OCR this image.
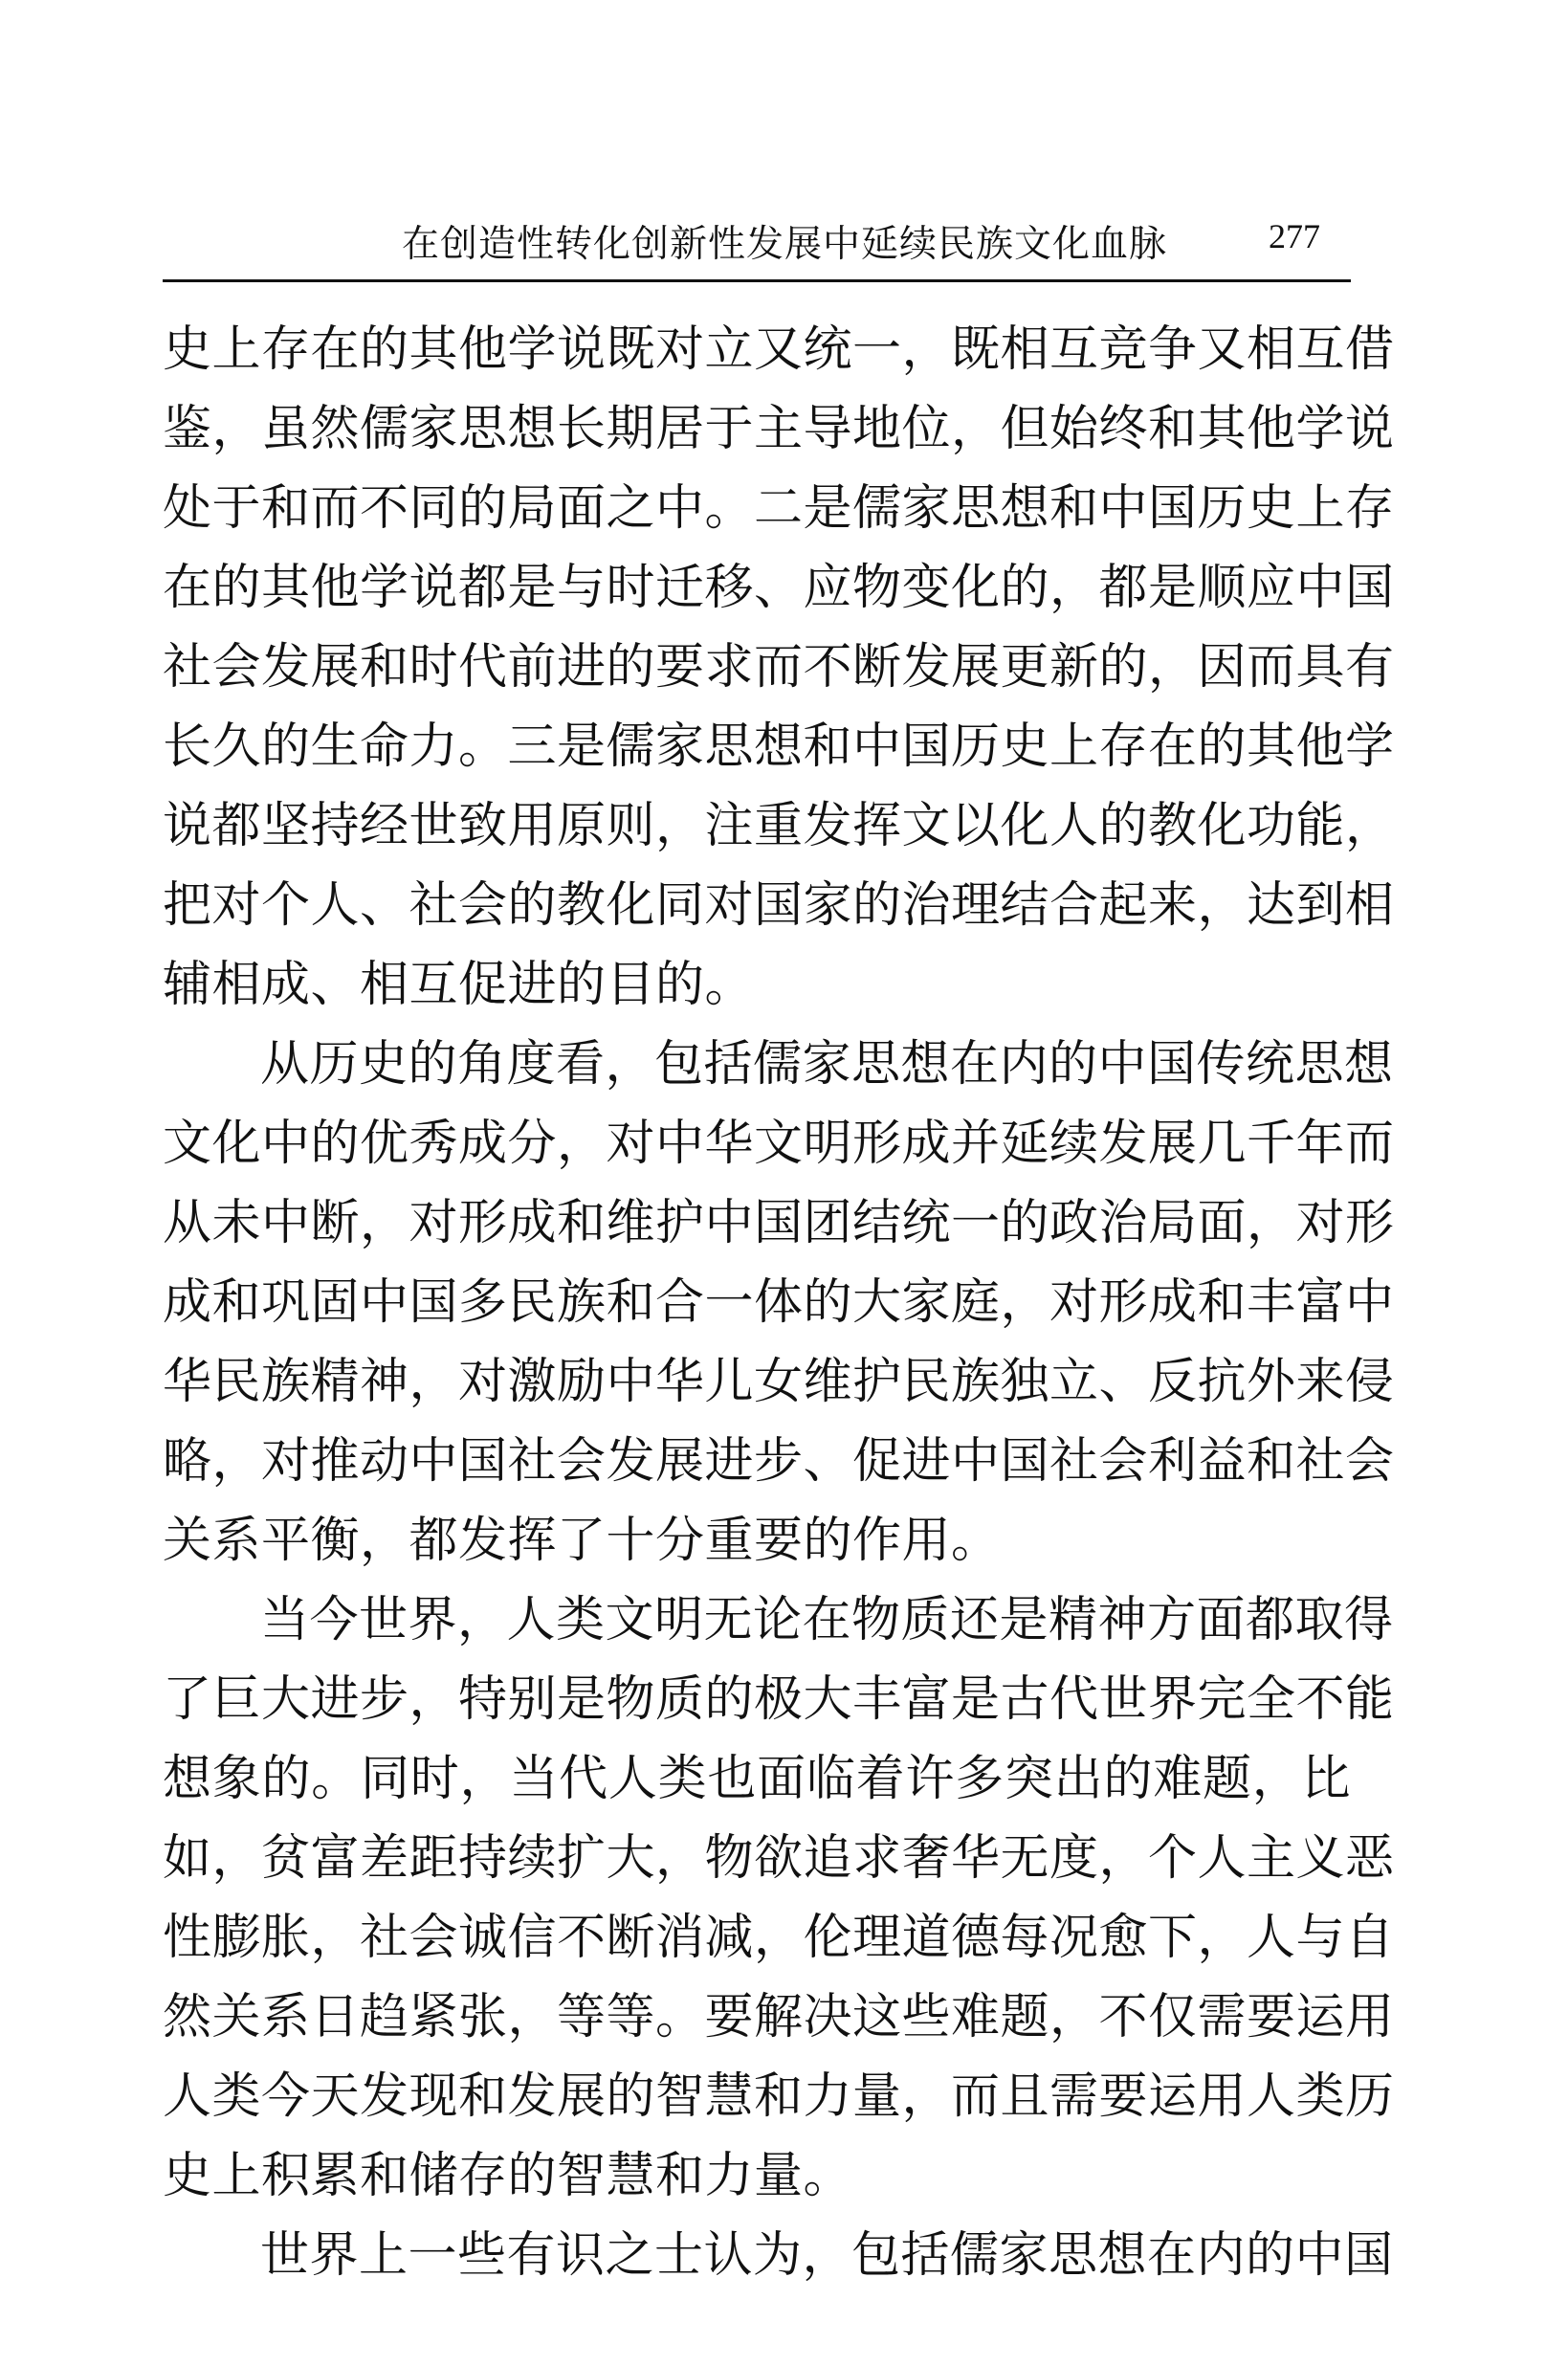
在创造性转化创新性发展中延续民族文化血脉	277
史上存在的其他学说既对立又统一，既相互竞争又相互借
鉴，虽然儒家思想长期居于主导地位，但始终和其他学说
处于和而不同的局面之中。二是儒家思想和中国历史上存
在的其他学说都是与时迁移、应物变化的，都是顺应中国
社会发展和时代前进的要求而不断发展更新的，因而具有
长久的生命力。三是儒家思想和中国历史上存在的其他学
说都坚持经世致用原则，注重发挥文以化人的教化功能，
把对个人、社会的教化同对国家的治理结合起来，达到相
辅相成、相互促进的目的。
从历史的角度看，包括儒家思想在内的中国传统思想
文化中的优秀成分，对中华文明形成并延续发展几千年而
从未中断，对形成和维护中国团结统一的政治局面，对形
成和巩固中国多民族和合一体的大家庭，对形成和丰富中
华民族精神，对激励中华儿女维护民族独立、反抗外来侵
略，对推动中国社会发展进步、促进中国社会利益和社会
关系平衡，都发挥了十分重要的作用。
当今世界，人类文明无论在物质还是精神方面都取得
了巨大进步，特别是物质的极大丰富是古代世界完全不能
想象的。同时，当代人类也面临着许多突出的难题，比
如，贫富差距持续扩大，物欲追求奢华无度，个人主义恶
性膨胀，社会诚信不断消减，伦理道德每况愈下，人与自
然关系日趋紧张，等等。要解决这些难题，不仅需要运用
人类今天发现和发展的智慧和力量，而且需要运用人类历
史上积累和储存的智慧和力量。
世界上一些有识之士认为，包括儒家思想在内的中国
